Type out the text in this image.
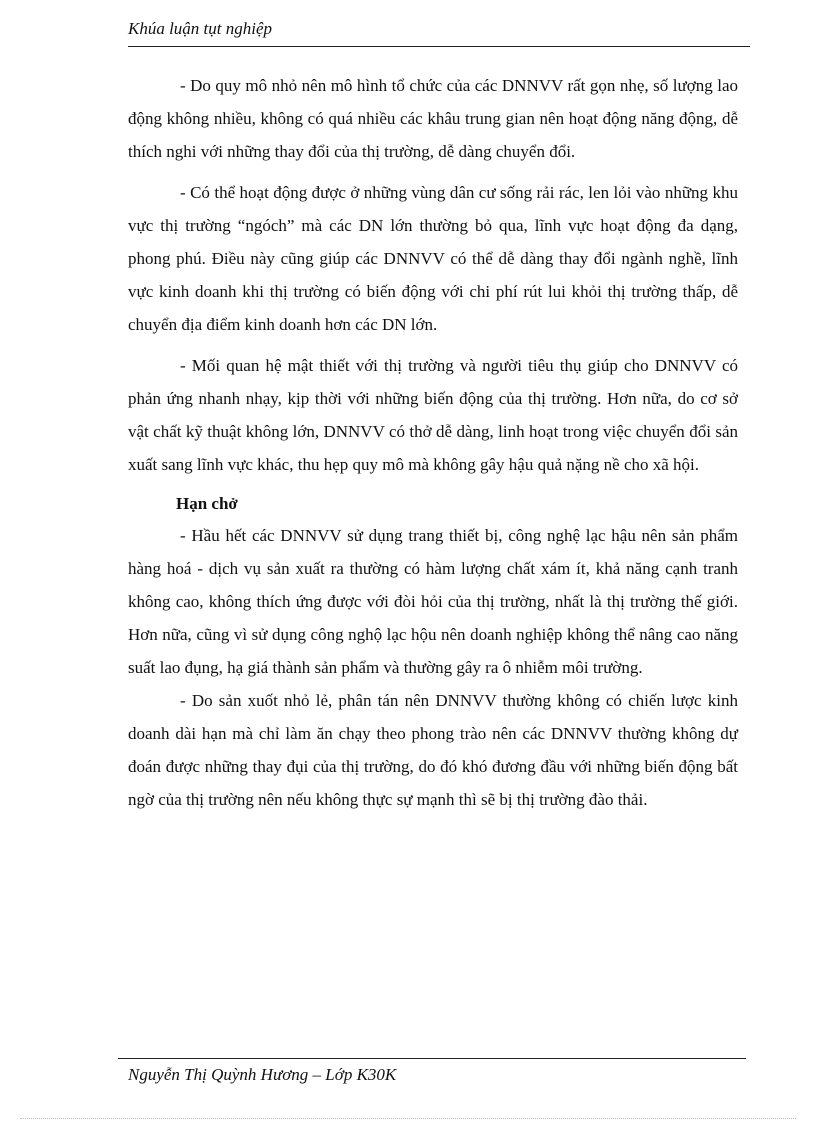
Khúa luận tụt nghiệp

- Do quy mô nhỏ nên mô hình tổ chức của các DNNVV rất gọn nhẹ, số lượng lao động không nhiều, không có quá nhiều các khâu trung gian nên hoạt động năng động, dễ thích nghi với những thay đổi của thị trường, dễ dàng chuyển đổi.

- Có thể hoạt động được ở những vùng dân cư sống rải rác, len lỏi vào những khu vực thị trường “ngóch” mà các DN lớn thường bỏ qua, lĩnh vực hoạt động đa dạng, phong phú. Điều này cũng giúp các DNNVV có thể dễ dàng thay đổi ngành nghề, lĩnh vực kinh doanh khi thị trường có biến động với chi phí rút lui khỏi thị trường thấp, dễ chuyển địa điểm kinh doanh hơn các DN lớn.

- Mối quan hệ mật thiết với thị trường và người tiêu thụ giúp cho DNNVV có phản ứng nhanh nhạy, kịp thời với những biến động của thị trường. Hơn nữa, do cơ sở vật chất kỹ thuật không lớn, DNNVV có thở dễ dàng, linh hoạt trong việc chuyển đổi sản xuất sang lĩnh vực khác, thu hẹp quy mô mà không gây hậu quả nặng nề cho xã hội.

Hạn chở

- Hầu hết các DNNVV sử dụng trang thiết bị, công nghệ lạc hậu nên sản phẩm hàng hoá - dịch vụ sản xuất ra thường có hàm lượng chất xám ít, khả năng cạnh tranh không cao, không thích ứng được với đòi hỏi của thị trường, nhất là thị trường thế giới. Hơn nữa, cũng vì sử dụng công nghộ lạc hộu nên doanh nghiệp không thể nâng cao năng suất lao đụng, hạ giá thành sản phẩm và thường gây ra ô nhiễm môi trường.

- Do sản xuốt nhỏ lẻ, phân tán nên DNNVV thường không có chiến lược kinh doanh dài hạn mà chỉ làm ăn chạy theo phong trào nên các DNNVV thường không dự đoán được những thay đụi của thị trường, do đó khó đương đầu với những biến động bất ngờ của thị trường nên nếu không thực sự mạnh thì sẽ bị thị trường đào thải.

Nguyễn Thị Quỳnh Hương – Lớp K30K
